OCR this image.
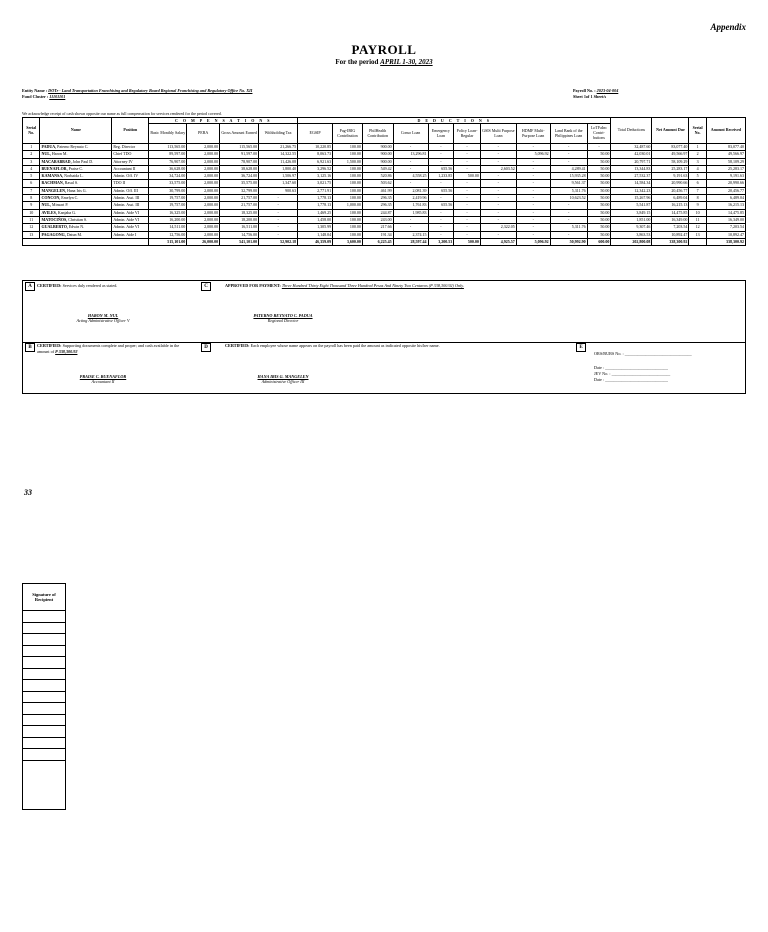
Appendix
PAYROLL
For the period APRIL 1-30, 2023
Entity Name : DOTr - Land Transportation Franchising and Regulatory Board Regional Franchising and Regulatory Office No. XII
Fund Cluster : 11101101
Payroll No. : 2023-04-004
Sheet 1of 1 Sheet/s
We acknowledge receipt of cash shown opposite our name as full compensation for services rendered for the period covered.
Serial No.	Name	Position	C O M P E N S A T I O N S				D E D U C T I O N S										Total Deductions	Net Amount Due	Serial No.	Amount Received
			Basic Monthly Salary	PERA	Gross Amount Earned	Withholding Tax	EGSIP	Pag-IBIG Contribution	PhilHealth Contribution	Conso Loan	Emergency Loan	Policy Loan-Regular	GSIS Multi Purpose Loan	HDMF Multi-Purpose Loan	Land Bank of the Philippines Loan	LoTFaInc Contri-butions				
1	PADUA, Paterno Reynato C.	Reg. Director	113,565.00	2,000.00	115,565.00	21,266.75	10,220.85	100.00	900.00	-	-	-	-	-	-	-	32,487.60	83,077.40	1	83,077.40
2	NUL, Haron M.	Chief TDO	89,597.00	2,000.00	91,597.00	14,322.55	8,063.73	100.00	900.00	13,296.81	-	-	-	5,096.92	-	50.00	42,030.01	49,566.97	2	49,566.97
3	MACABABBAD, John Paul D.	Attorney IV	76,907.00	2,000.00	78,907.00	11,426.08	6,921.63	1,500.00	900.00	-	-	-	-	-	-	50.00	20,797.71	58,109.29	3	58,109.29
4	BUENAFLOR, Praise C.	Accountant II	36,628.00	2,000.00	38,628.00	1,800.40	3,296.52	100.00	549.42	-	655.56	-	2,603.52	-	4,289.41	50.00	13,344.83	25,283.17	4	25,283.17
5	KAMANSA, Norhaida L.	Admin. Off. IV	34,724.00	2,000.00	36,724.00	1,506.97	3,125.16	100.00	520.86	4,558.25	1,233.85	500.00	-	-	15,935.28	50.00	27,532.37	9,191.63	5	9,191.63
6	RACHMAN, Rasul S.	TDO II	33,575.00	2,000.00	35,575.00	1,347.60	3,021.75	100.00	503.62	-	-	-	-	-	9,561.37	50.00	14,584.34	20,990.66	6	20,990.66
7	MANGELEN, Hana Iris G.	Admin. Off. III	30,799.00	2,000.00	32,799.00	900.63	2,771.91	100.00	461.99	2,081.39	655.56	-	-	-	5,311.76	50.00	12,342.23	20,456.77	7	20,456.77
8	CONCON, Emelyn C.	Admin. Asst. III	19,757.00	2,000.00	21,757.00	-	1,778.13	100.00	296.35	2,419.96	-	-	-	-	10,623.52	50.00	15,267.96	6,489.04	8	6,489.04
9	NUL, Minsari P.	Admin. Asst. III	19,757.00	2,000.00	21,757.00	-	1,778.13	1,000.00	296.35	1,761.83	655.56	-	-	-	-	50.00	5,541.87	16,215.13	9	16,215.13
10	AVILES, Kanjaba G.	Admin. Aide VI	16,325.00	2,000.00	18,325.00	-	1,469.25	100.00	244.87	1,985.83	-	-	-	-	-	50.00	3,849.15	14,475.85	10	14,475.85
11	MATOCIÑOS, Christian S.	Admin. Aide VI	16,200.00	2,000.00	18,200.00	-	1,458.00	100.00	243.00	-	-	-	-	-	-	50.00	1,851.00	16,349.00	11	16,349.00
12	GUALBERTO, Edwin N.	Admin. Aide VI	14,511.00	2,000.00	16,511.00	-	1,305.99	100.00	217.66	-	-	-	2,322.05	-	5,311.76	50.00	9,307.46	7,203.54	12	7,203.54
13	PAGAGONG, Datun M.	Admin. Aide I	12,756.00	2,000.00	14,756.00	-	1,148.04	100.00	191.34	2,374.15	-	-	-	-	-	50.00	3,863.53	10,892.47	13	10,892.47
			515,101.00	26,000.00	541,101.00	52,902.18	46,359.09	3,600.00	6,225.45	28,597.44	3,200.53	500.00	4,925.57	5,096.92	50,992.90	600.00	202,800.08	338,300.92		338,300.92
A	CERTIFIED: Services duly rendered as stated.	C	APPROVED FOR PAYMENT: Three Hundred Thirty Eight Thousand Three Hundred Pesos And Ninety Two Centavos (P 338,300.92) Only.
HARON M. NUL
Acting Administrative Officer V
PATERNO REYNATO C. PADUA
Regional Director
B	CERTIFIED: Supporting documents complete and proper; and cash available in the amount of P 338,300.92
D	CERTIFIED: Each employee whose name appears on the payroll has been paid the amount as indicated opposite his/her name.	E
ORS/BURS No. : ________________________________
Date : ______________________________
JEV No. : ____________________________
Date : ______________________________
PRAISE C. BUENAFLOR
Accountant II
HANA IRIS G. MANGELEN
Administrative Officer III
33
Signature of Recipient
